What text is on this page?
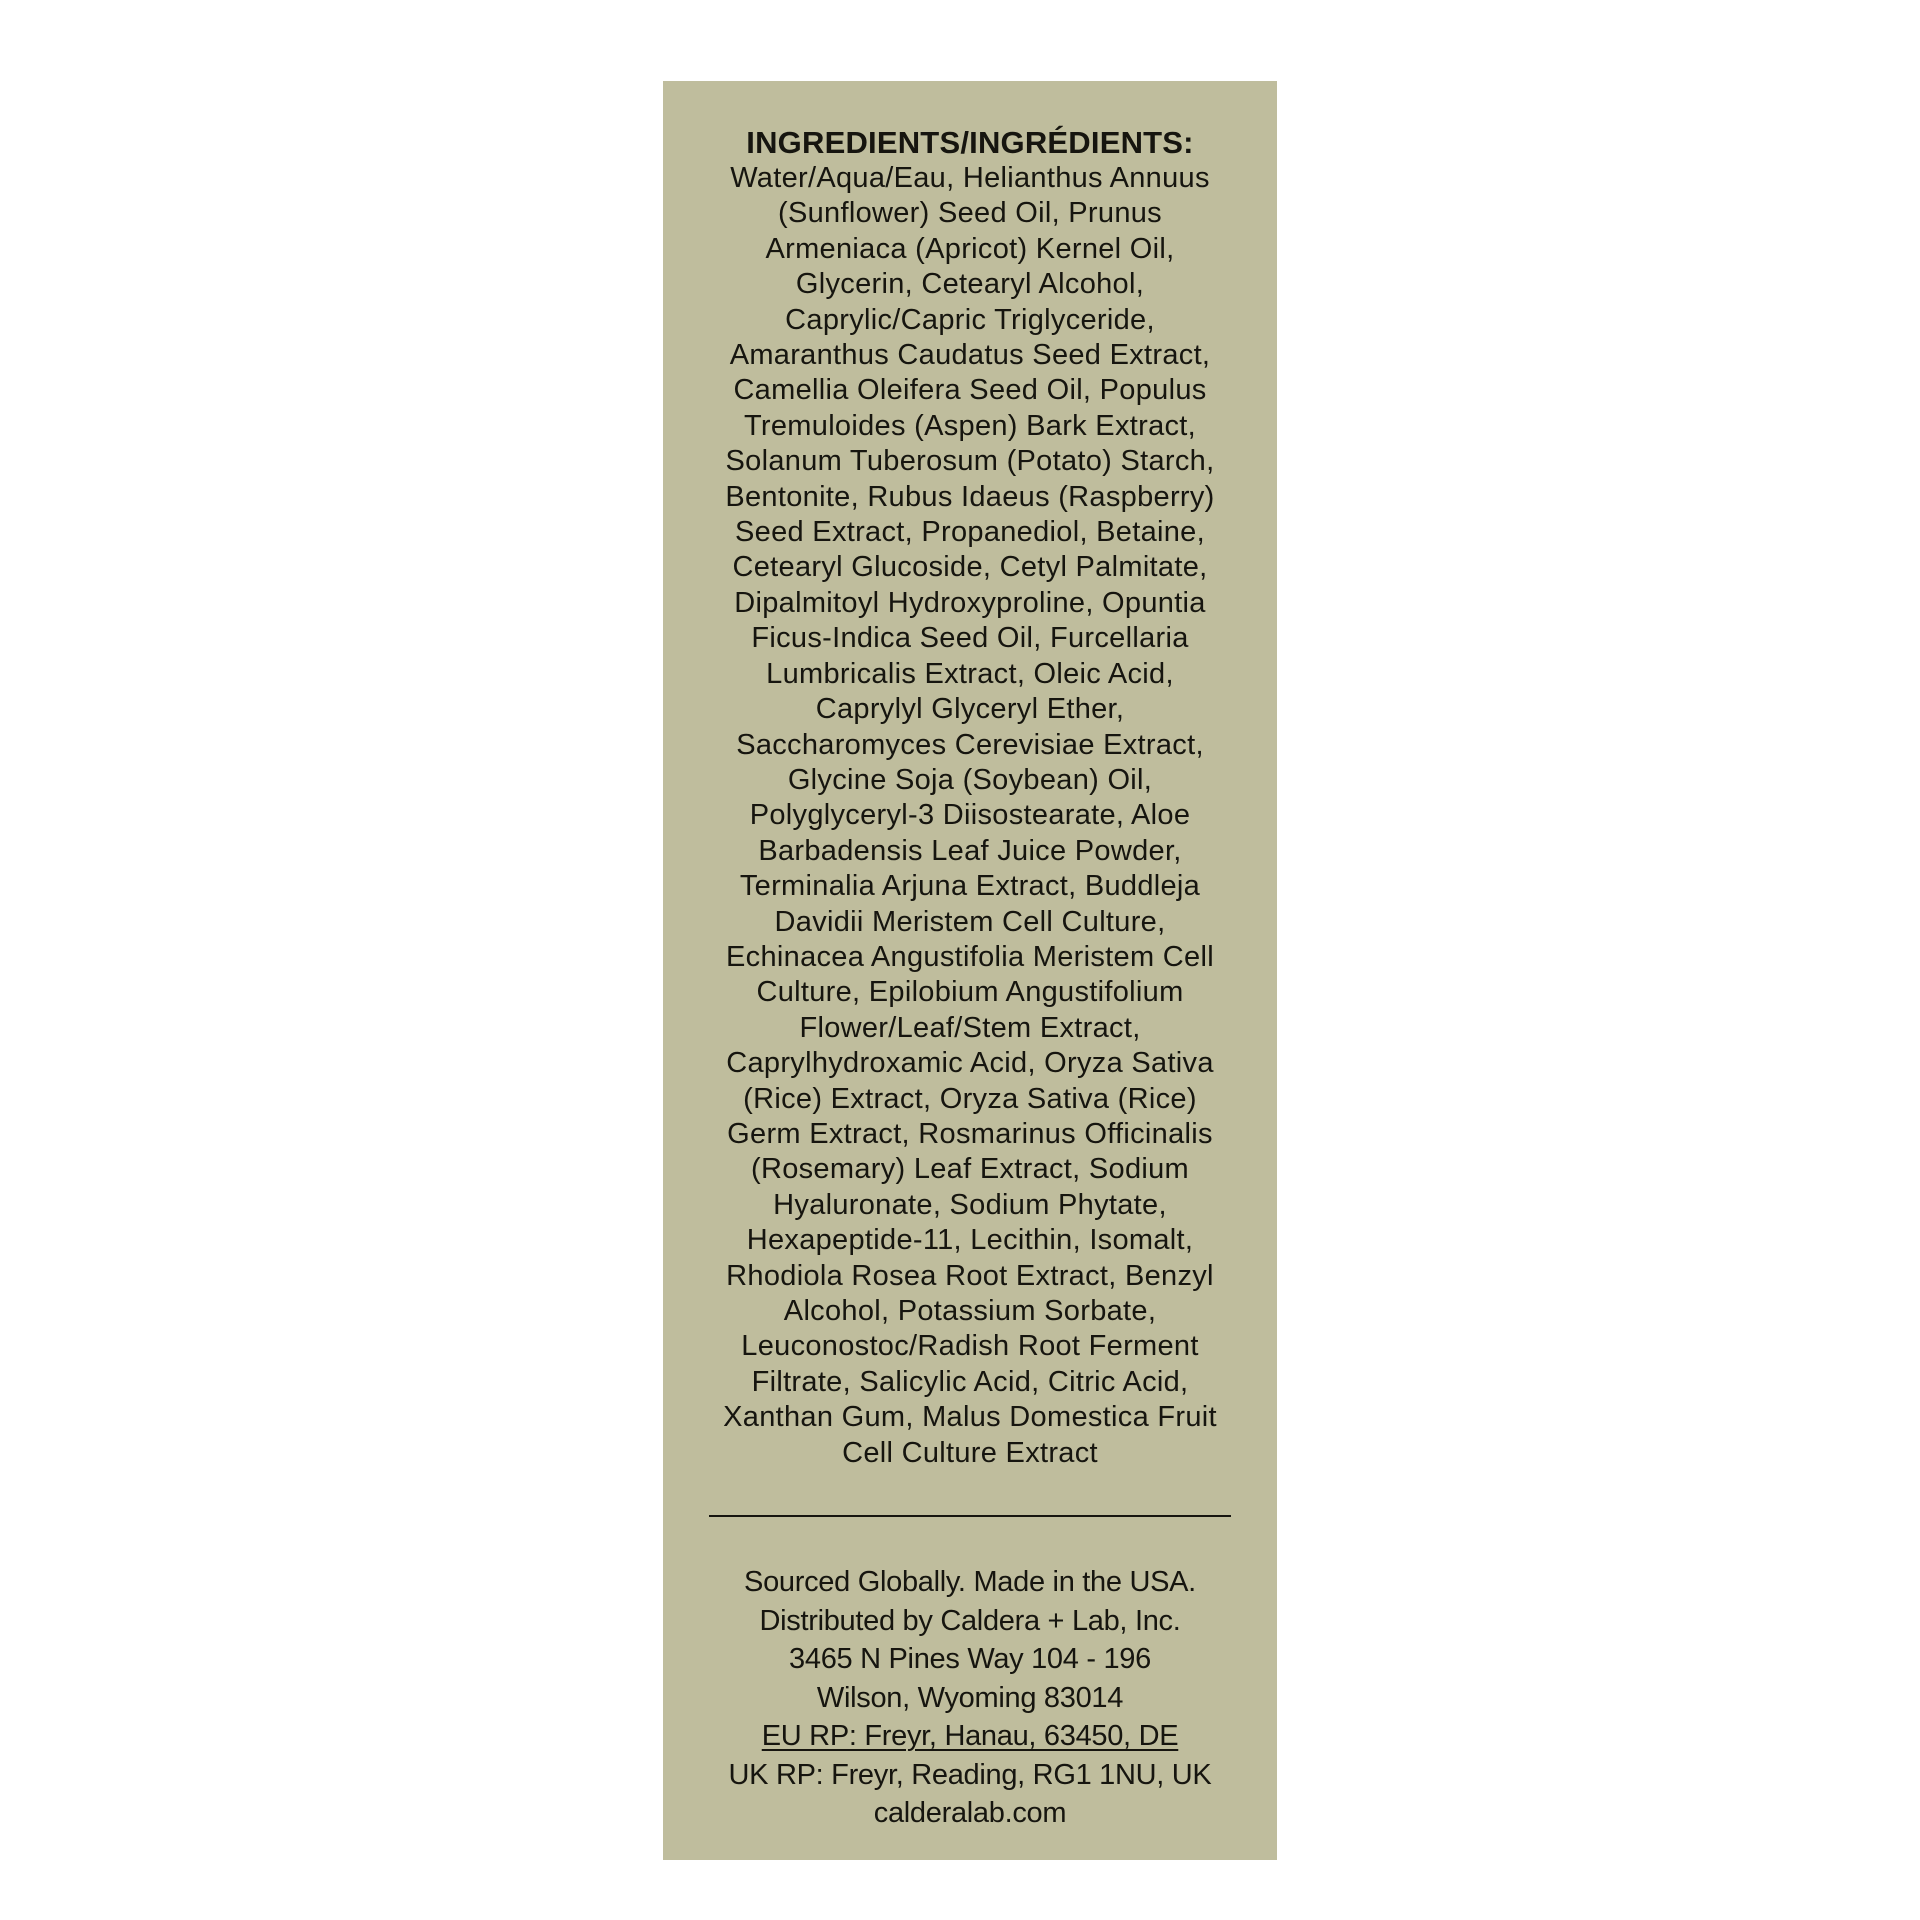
INGREDIENTS/INGRÉDIENTS:
Water/Aqua/Eau, Helianthus Annuus
(Sunflower) Seed Oil, Prunus
Armeniaca (Apricot) Kernel Oil,
Glycerin, Cetearyl Alcohol,
Caprylic/Capric Triglyceride,
Amaranthus Caudatus Seed Extract,
Camellia Oleifera Seed Oil, Populus
Tremuloides (Aspen) Bark Extract,
Solanum Tuberosum (Potato) Starch,
Bentonite, Rubus Idaeus (Raspberry)
Seed Extract, Propanediol, Betaine,
Cetearyl Glucoside, Cetyl Palmitate,
Dipalmitoyl Hydroxyproline, Opuntia
Ficus-Indica Seed Oil, Furcellaria
Lumbricalis Extract, Oleic Acid,
Caprylyl Glyceryl Ether,
Saccharomyces Cerevisiae Extract,
Glycine Soja (Soybean) Oil,
Polyglyceryl-3 Diisostearate, Aloe
Barbadensis Leaf Juice Powder,
Terminalia Arjuna Extract, Buddleja
Davidii Meristem Cell Culture,
Echinacea Angustifolia Meristem Cell
Culture, Epilobium Angustifolium
Flower/Leaf/Stem Extract,
Caprylhydroxamic Acid, Oryza Sativa
(Rice) Extract, Oryza Sativa (Rice)
Germ Extract, Rosmarinus Officinalis
(Rosemary) Leaf Extract, Sodium
Hyaluronate, Sodium Phytate,
Hexapeptide-11, Lecithin, Isomalt,
Rhodiola Rosea Root Extract, Benzyl
Alcohol, Potassium Sorbate,
Leuconostoc/Radish Root Ferment
Filtrate, Salicylic Acid, Citric Acid,
Xanthan Gum, Malus Domestica Fruit
Cell Culture Extract
Sourced Globally. Made in the USA.
Distributed by Caldera + Lab, Inc.
3465 N Pines Way 104 - 196
Wilson, Wyoming 83014
EU RP: Freyr, Hanau, 63450, DE
UK RP: Freyr, Reading, RG1 1NU, UK
calderalab.com
